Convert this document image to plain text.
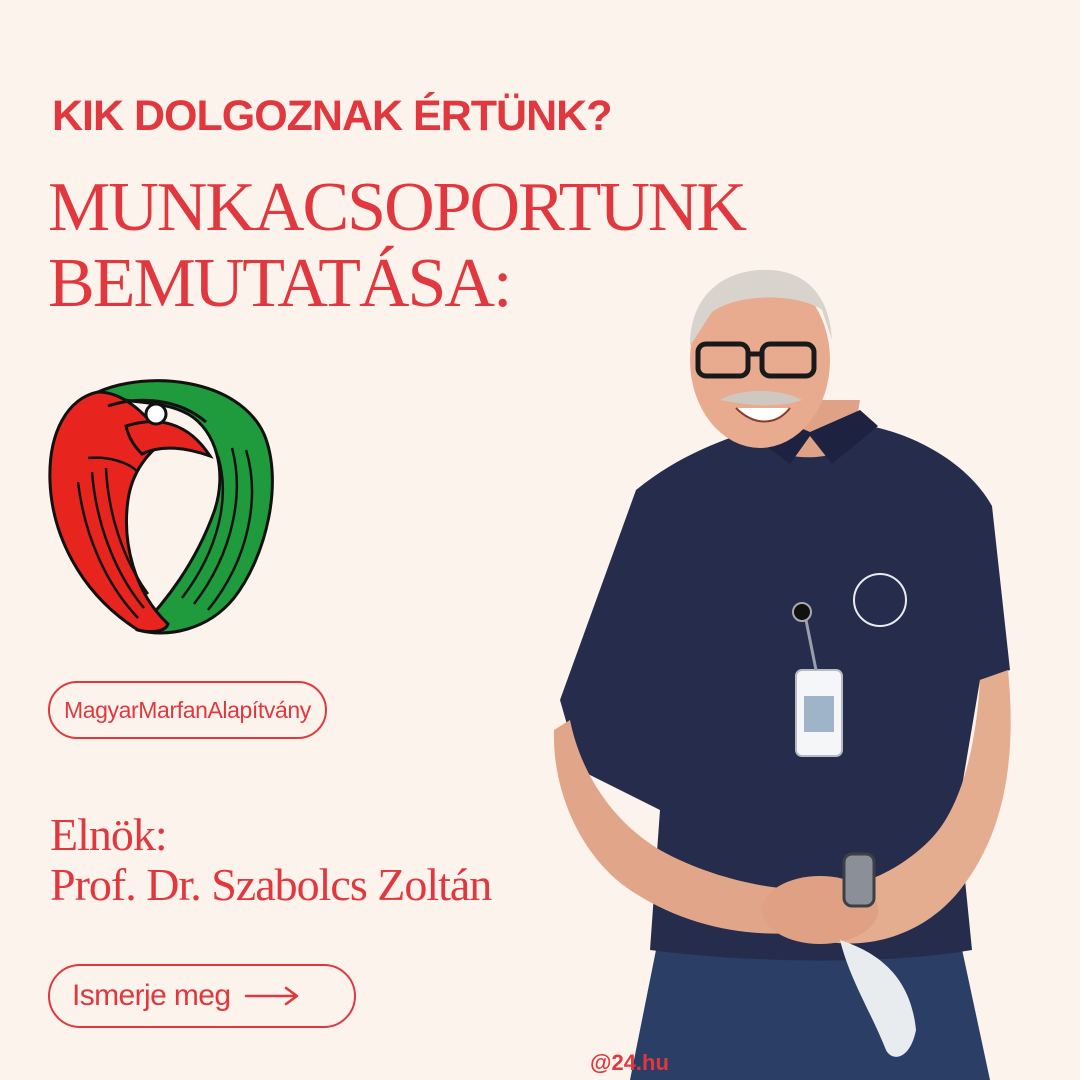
KIK DOLGOZNAK ÉRTÜNK?
MUNKACSOPORTUNK
BEMUTATÁSA:
MagyarMarfanAlapítvány
Elnök:
Prof. Dr. Szabolcs Zoltán
Ismerje meg
@24.hu
